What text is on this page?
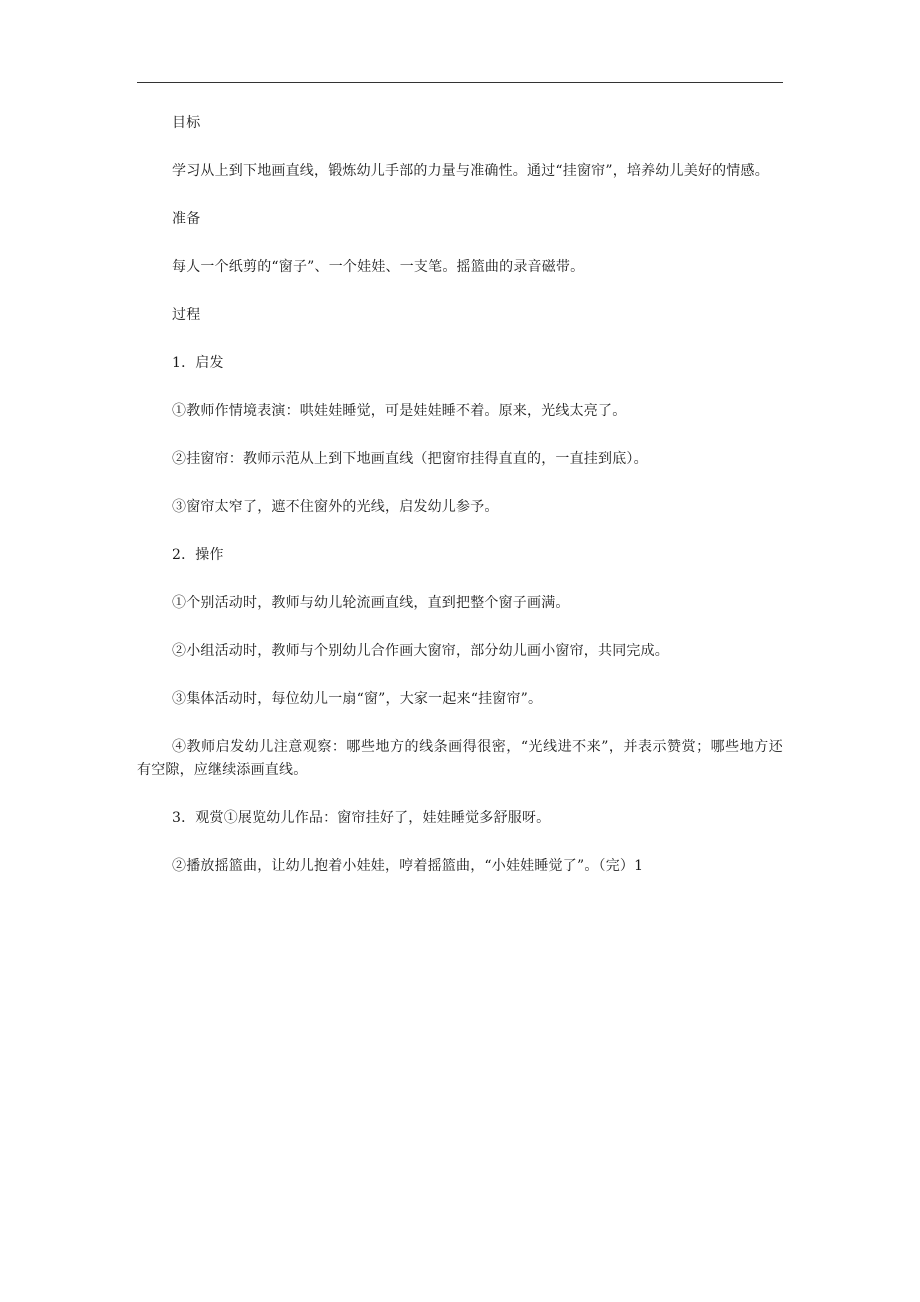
目标

学习从上到下地画直线，锻炼幼儿手部的力量与准确性。通过“挂窗帘”，培养幼儿美好的情感。

准备

每人一个纸剪的“窗子”、一个娃娃、一支笔。摇篮曲的录音磁带。

过程

1．启发

①教师作情境表演：哄娃娃睡觉，可是娃娃睡不着。原来，光线太亮了。

②挂窗帘：教师示范从上到下地画直线（把窗帘挂得直直的，一直挂到底）。

③窗帘太窄了，遮不住窗外的光线，启发幼儿参予。

2．操作

①个别活动时，教师与幼儿轮流画直线，直到把整个窗子画满。

②小组活动时，教师与个别幼儿合作画大窗帘，部分幼儿画小窗帘，共同完成。

③集体活动时，每位幼儿一扇“窗”，大家一起来“挂窗帘”。

④教师启发幼儿注意观察：哪些地方的线条画得很密，“光线进不来”，并表示赞赏；哪些地方还有空隙，应继续添画直线。

3．观赏①展览幼儿作品：窗帘挂好了，娃娃睡觉多舒服呀。

②播放摇篮曲，让幼儿抱着小娃娃，哼着摇篮曲，“小娃娃睡觉了”。（完）1
